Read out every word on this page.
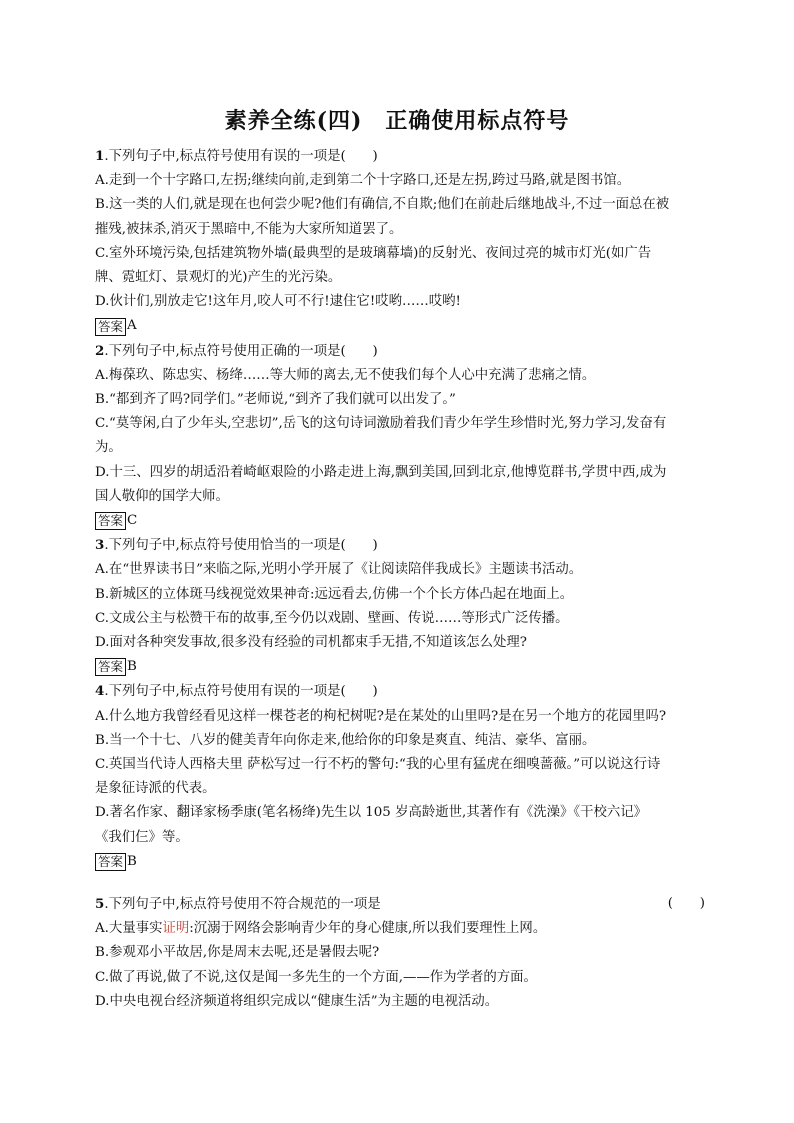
素养全练(四)　正确使用标点符号
1.下列句子中,标点符号使用有误的一项是(　　)
A.走到一个十字路口,左拐;继续向前,走到第二个十字路口,还是左拐,跨过马路,就是图书馆。
B.这一类的人们,就是现在也何尝少呢?他们有确信,不自欺;他们在前赴后继地战斗,不过一面总在被
摧残,被抹杀,消灭于黑暗中,不能为大家所知道罢了。
C.室外环境污染,包括建筑物外墙(最典型的是玻璃幕墙)的反射光、夜间过亮的城市灯光(如广告
牌、霓虹灯、景观灯的光)产生的光污染。
D.伙计们,别放走它!这年月,咬人可不行!逮住它!哎哟……哎哟!
答案 A
2.下列句子中,标点符号使用正确的一项是(　　)
A.梅葆玖、陈忠实、杨绛……等大师的离去,无不使我们每个人心中充满了悲痛之情。
B.“都到齐了吗?同学们。”老师说,“到齐了我们就可以出发了。”
C.“莫等闲,白了少年头,空悲切”,岳飞的这句诗词激励着我们青少年学生珍惜时光,努力学习,发奋有
为。
D.十三、四岁的胡适沿着崎岖艰险的小路走进上海,飘到美国,回到北京,他博览群书,学贯中西,成为
国人敬仰的国学大师。
答案 C
3.下列句子中,标点符号使用恰当的一项是(　　)
A.在“世界读书日”来临之际,光明小学开展了《让阅读陪伴我成长》主题读书活动。
B.新城区的立体斑马线视觉效果神奇:远远看去,仿佛一个个长方体凸起在地面上。
C.文成公主与松赞干布的故事,至今仍以戏剧、壁画、传说……等形式广泛传播。
D.面对各种突发事故,很多没有经验的司机都束手无措,不知道该怎么处理?
答案 B
4.下列句子中,标点符号使用有误的一项是(　　)
A.什么地方我曾经看见这样一棵苍老的枸杞树呢?是在某处的山里吗?是在另一个地方的花园里吗?
B.当一个十七、八岁的健美青年向你走来,他给你的印象是爽直、纯洁、豪华、富丽。
C.英国当代诗人西格夫里 萨松写过一行不朽的警句:“我的心里有猛虎在细嗅蔷薇。”可以说这行诗
是象征诗派的代表。
D.著名作家、翻译家杨季康(笔名杨绛)先生以 105 岁高龄逝世,其著作有《洗澡》《干校六记》
《我们仨》等。
答案 B
5.下列句子中,标点符号使用不符合规范的一项是	(　　)
A.大量事实证明:沉溺于网络会影响青少年的身心健康,所以我们要理性上网。
B.参观邓小平故居,你是周末去呢,还是暑假去呢?
C.做了再说,做了不说,这仅是闻一多先生的一个方面,——作为学者的方面。
D.中央电视台经济频道将组织完成以“健康生活”为主题的电视活动。
